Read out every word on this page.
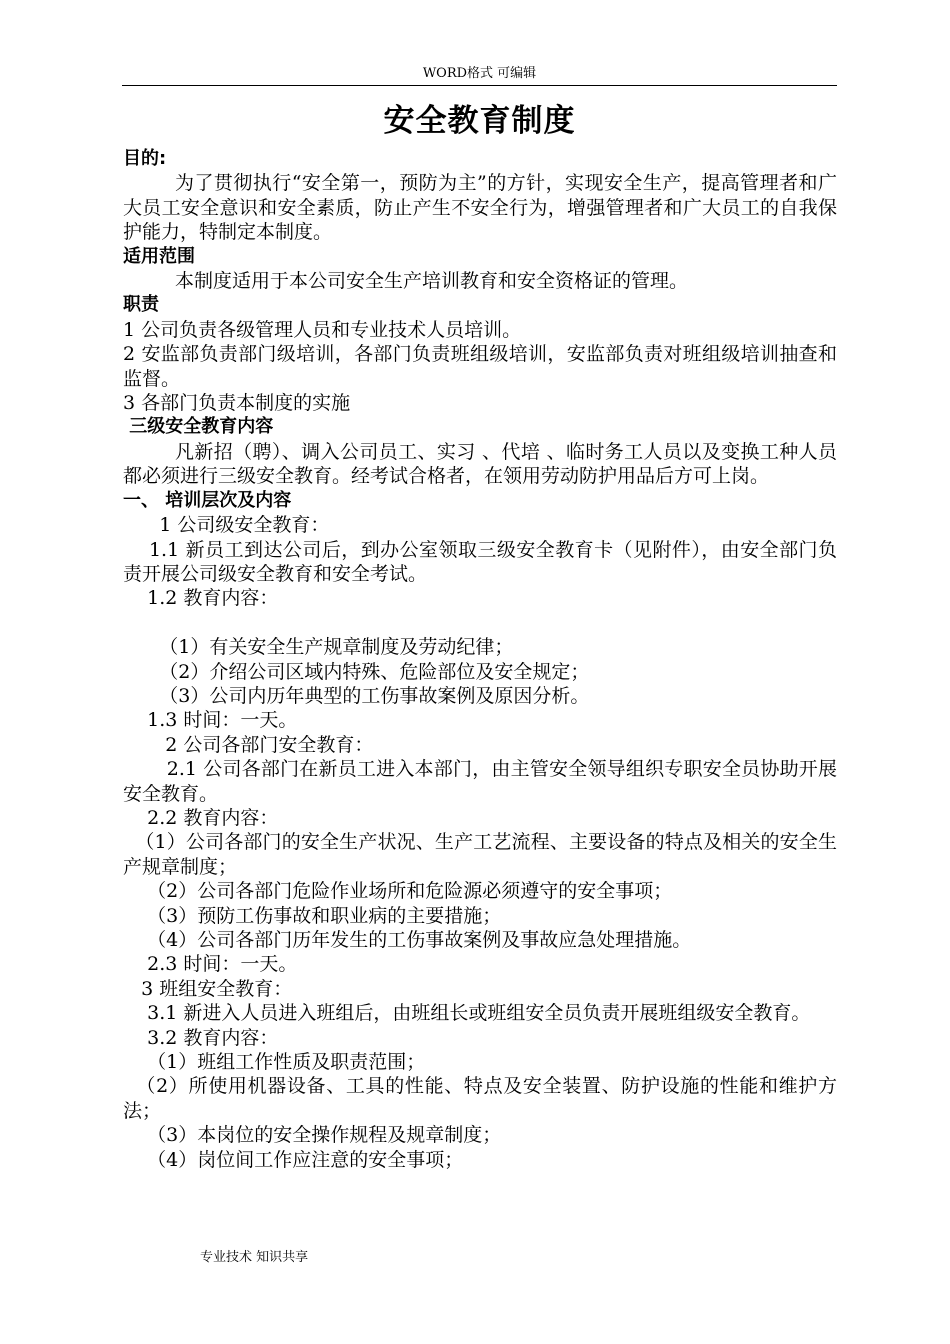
WORD格式 可编辑
安全教育制度

目的:

为了贯彻执行“安全第一，预防为主”的方针，实现安全生产，提高管理者和广大员工安全意识和安全素质，防止产生不安全行为，增强管理者和广大员工的自我保护能力，特制定本制度。

适用范围

本制度适用于本公司安全生产培训教育和安全资格证的管理。

职责

1 公司负责各级管理人员和专业技术人员培训。

2 安监部负责部门级培训，各部门负责班组级培训，安监部负责对班组级培训抽查和监督。

3 各部门负责本制度的实施

三级安全教育内容

凡新招（聘）、调入公司员工、实习 、代培 、临时务工人员以及变换工种人员都必须进行三级安全教育。经考试合格者，在领用劳动防护用品后方可上岗。

一、 培训层次及内容

1 公司级安全教育：

1.1 新员工到达公司后，到办公室领取三级安全教育卡（见附件），由安全部门负责开展公司级安全教育和安全考试。

1.2 教育内容：

（1）有关安全生产规章制度及劳动纪律；

（2）介绍公司区域内特殊、危险部位及安全规定；

（3）公司内历年典型的工伤事故案例及原因分析。

1.3 时间：一天。

2 公司各部门安全教育：

2.1 公司各部门在新员工进入本部门，由主管安全领导组织专职安全员协助开展安全教育。

2.2 教育内容：

（1）公司各部门的安全生产状况、生产工艺流程、主要设备的特点及相关的安全生产规章制度；

（2）公司各部门危险作业场所和危险源必须遵守的安全事项；

（3）预防工伤事故和职业病的主要措施；

（4）公司各部门历年发生的工伤事故案例及事故应急处理措施。

2.3 时间：一天。

3 班组安全教育：

3.1 新进入人员进入班组后，由班组长或班组安全员负责开展班组级安全教育。

3.2 教育内容：

（1）班组工作性质及职责范围；

（2）所使用机器设备、工具的性能、特点及安全装置、防护设施的性能和维护方法；

（3）本岗位的安全操作规程及规章制度；

（4）岗位间工作应注意的安全事项；

专业技术 知识共享
